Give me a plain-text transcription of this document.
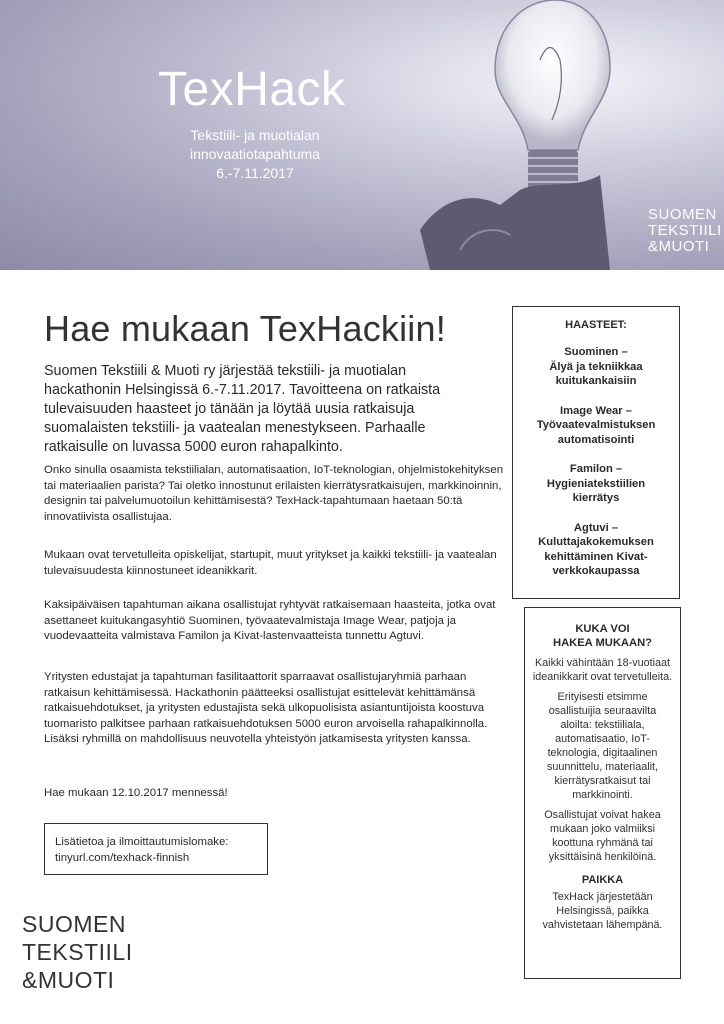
TexHack
Tekstiili- ja muotialan
innovaatiotapahtuma
6.-7.11.2017
SUOMEN
TEKSTIILI
&MUOTI
Hae mukaan TexHackiin!
Suomen Tekstiili & Muoti ry järjestää tekstiili- ja muotialan hackathonin Helsingissä 6.-7.11.2017. Tavoitteena on ratkaista tulevaisuuden haasteet jo tänään ja löytää uusia ratkaisuja suomalaisten tekstiili- ja vaatealan menestykseen. Parhaalle ratkaisulle on luvassa 5000 euron rahapalkinto.

Onko sinulla osaamista tekstiilialan, automatisaation, IoT-teknologian, ohjelmistokehityksen tai materiaalien parista? Tai oletko innostunut erilaisten kierrätysratkaisujen, markkinoinnin, designin tai palvelumuotoilun kehittämisestä? TexHack-tapahtumaan haetaan 50:tä innovatiivista osallistujaa.

Mukaan ovat tervetulleita opiskelijat, startupit, muut yritykset ja kaikki tekstiili- ja vaatealan tulevaisuudesta kiinnostuneet ideanikkarit.

Kaksipäiväisen tapahtuman aikana osallistujat ryhtyvät ratkaisemaan haasteita, jotka ovat asettaneet kuitukangasyhtiö Suominen, työvaatevalmistaja Image Wear, patjoja ja vuodevaatteita valmistava Familon ja Kivat-lastenvaatteista tunnettu Agtuvi.

Yritysten edustajat ja tapahtuman fasilitaattorit sparraavat osallistujaryhmiä parhaan ratkaisun kehittämisessä. Hackathonin päätteeksi osallistujat esittelevät kehittämänsä ratkaisuehdotukset, ja yritysten edustajista sekä ulkopuolisista asiantuntijoista koostuva tuomaristo palkitsee parhaan ratkaisuehdotuksen 5000 euron arvoisella rahapalkinnolla. Lisäksi ryhmillä on mahdollisuus neuvotella yhteistyön jatkamisesta yritysten kanssa.

Hae mukaan 12.10.2017 mennessä!

Lisätietoa ja ilmoittautumislomake:
tinyurl.com/texhack-finnish
SUOMEN
TEKSTIILI
&MUOTI
HAASTEET:
Suominen –
Älyä ja tekniikkaa
kuitukankaisiin
Image Wear –
Työvaatevalmistuksen
automatisointi
Familon –
Hygieniatekstiilien
kierrätys
Agtuvi –
Kuluttajakokemuksen
kehittäminen Kivat-
verkkokaupassa
KUKA VOI
HAKEA MUKAAN?

Kaikki vähintään 18-vuotiaat ideanikkarit ovat tervetulleita.

Erityisesti etsimme osallistuijia seuraavilta aloilta: tekstiiliala, automatisaatio, IoT-teknologia, digitaalinen suunnittelu, materiaalit, kierrätysratkaisut tai markkinointi.

Osallistujat voivat hakea mukaan joko valmiiksi koottuna ryhmänä tai yksittäisinä henkilöinä.

PAIKKA

TexHack järjestetään Helsingissä, paikka vahvistetaan lähempänä.
